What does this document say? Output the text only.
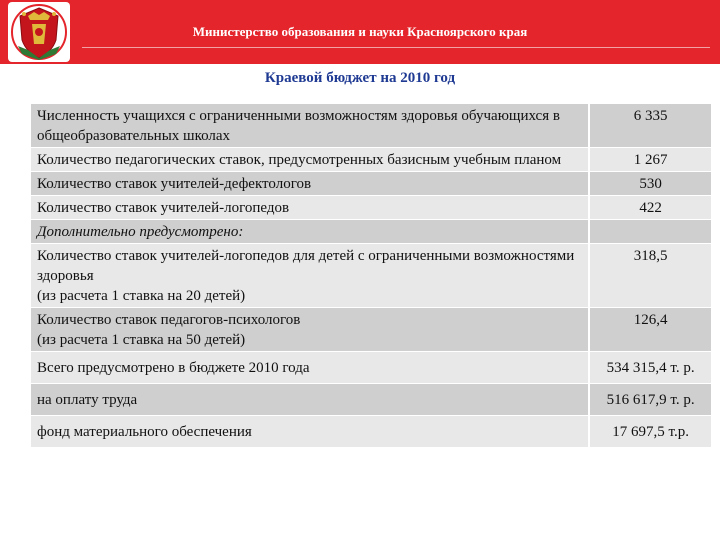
Министерство образования и науки Красноярского края
Краевой бюджет на 2010 год
Численность учащихся с ограниченными возможностям здоровья обучающихся в общеобразовательных школах	6 335
Количество педагогических ставок, предусмотренных базисным учебным планом	1 267
Количество ставок учителей-дефектологов	530
Количество ставок учителей-логопедов	422
Дополнительно предусмотрено:	
Количество ставок учителей-логопедов для детей с ограниченными возможностями здоровья
(из расчета 1 ставка на 20 детей)	318,5
Количество ставок педагогов-психологов
(из расчета 1 ставка на 50 детей)	126,4
Всего предусмотрено в бюджете 2010 года	534 315,4 т. р.
на оплату труда	516 617,9 т. р.
фонд материального обеспечения	17 697,5 т.р.
